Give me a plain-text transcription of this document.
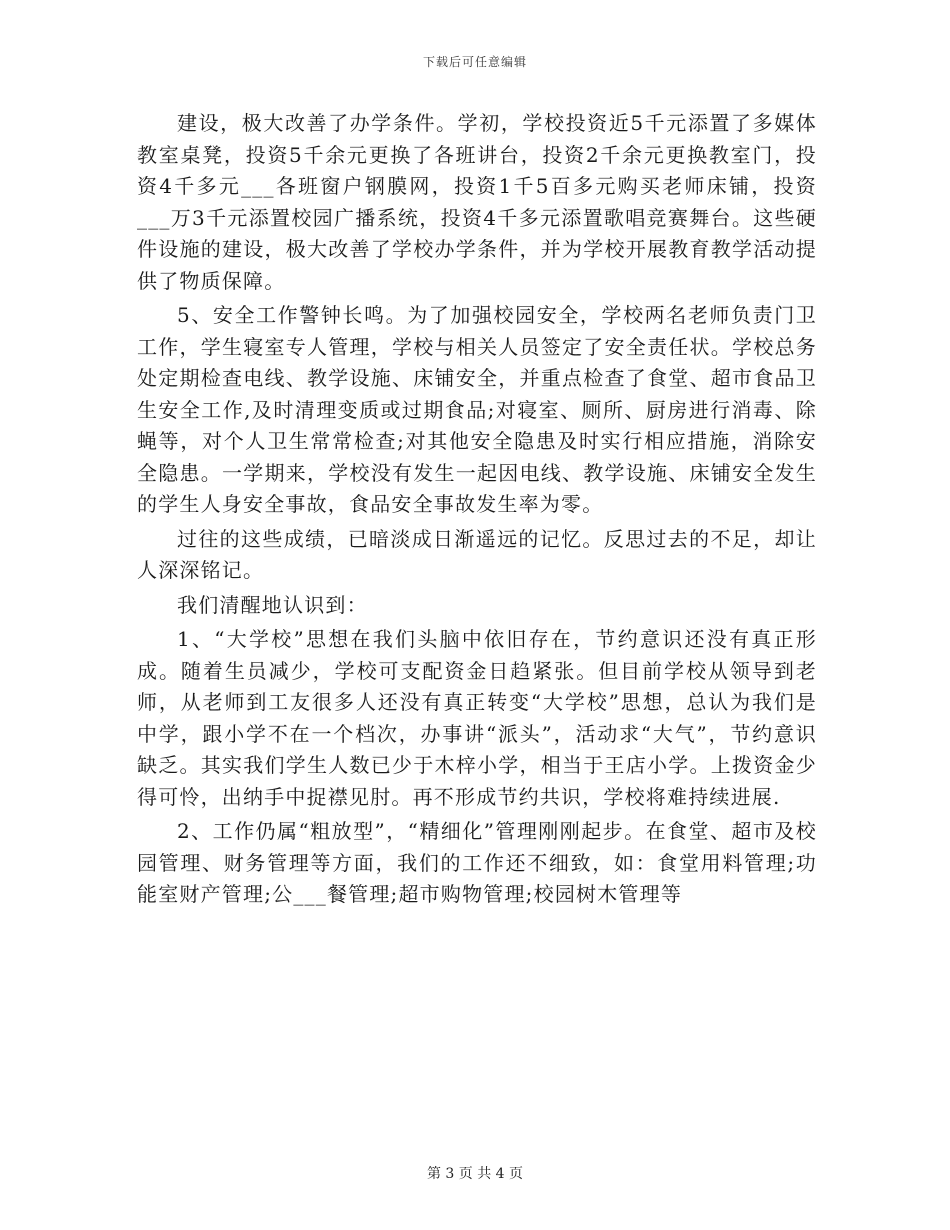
下载后可任意编辑

建设，极大改善了办学条件。学初，学校投资近5千元添置了多媒体教室桌凳，投资5千余元更换了各班讲台，投资2千余元更换教室门，投资4千多元___各班窗户钢膜网，投资1千5百多元购买老师床铺，投资___万3千元添置校园广播系统，投资4千多元添置歌唱竞赛舞台。这些硬件设施的建设，极大改善了学校办学条件，并为学校开展教育教学活动提供了物质保障。

5、安全工作警钟长鸣。为了加强校园安全，学校两名老师负责门卫工作，学生寝室专人管理，学校与相关人员签定了安全责任状。学校总务处定期检查电线、教学设施、床铺安全，并重点检查了食堂、超市食品卫生安全工作,及时清理变质或过期食品;对寝室、厕所、厨房进行消毒、除蝇等，对个人卫生常常检查;对其他安全隐患及时实行相应措施，消除安全隐患。一学期来，学校没有发生一起因电线、教学设施、床铺安全发生的学生人身安全事故，食品安全事故发生率为零。

过往的这些成绩，已暗淡成日渐遥远的记忆。反思过去的不足，却让人深深铭记。

我们清醒地认识到：

1、“大学校”思想在我们头脑中依旧存在，节约意识还没有真正形成。随着生员减少，学校可支配资金日趋紧张。但目前学校从领导到老师，从老师到工友很多人还没有真正转变“大学校”思想，总认为我们是中学，跟小学不在一个档次，办事讲“派头”，活动求“大气”，节约意识缺乏。其实我们学生人数已少于木梓小学，相当于王店小学。上拨资金少得可怜，出纳手中捉襟见肘。再不形成节约共识，学校将难持续进展.

2、工作仍属“粗放型”，“精细化”管理刚刚起步。在食堂、超市及校园管理、财务管理等方面，我们的工作还不细致，如：食堂用料管理;功能室财产管理;公___餐管理;超市购物管理;校园树木管理等

第 3 页 共 4 页
